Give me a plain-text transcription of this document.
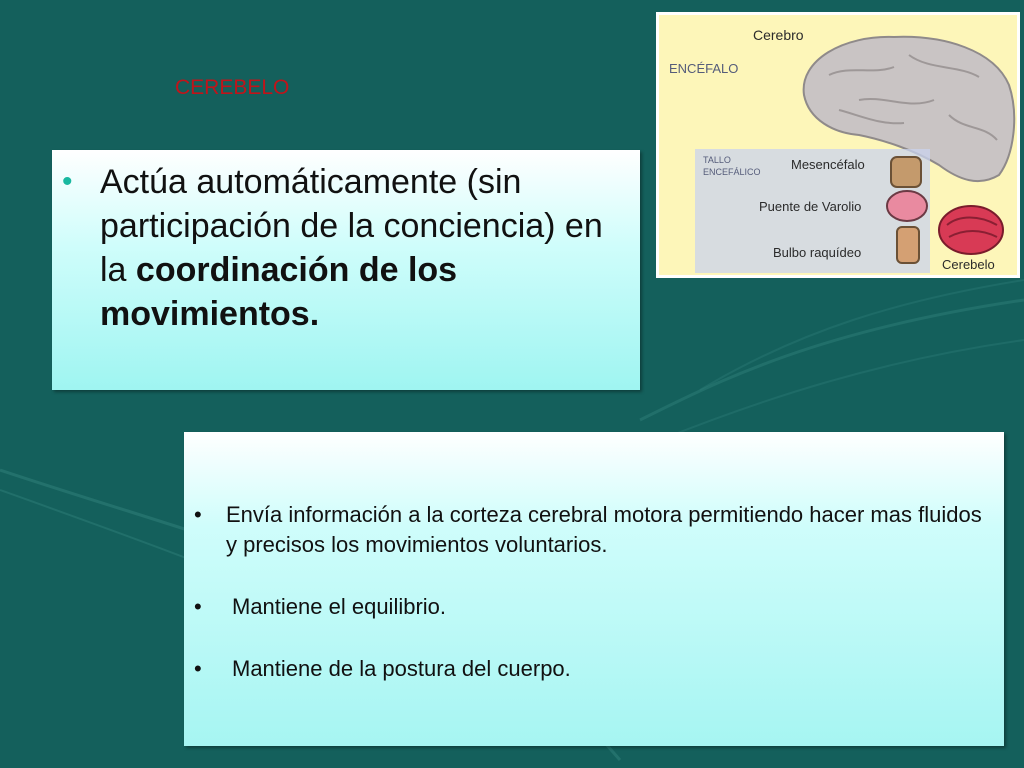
CEREBELO
• Actúa automáticamente (sin participación de la conciencia) en la coordinación de los movimientos.
• Envía información a la corteza cerebral motora permitiendo hacer mas fluidos y precisos los movimientos voluntarios.
• Mantiene el equilibrio.
• Mantiene de la postura del cuerpo.
Cerebro
ENCÉFALO
TALLO
ENCEFÁLICO Mesencéfalo
Puente de Varolio
Bulbo raquídeo
Cerebelo
